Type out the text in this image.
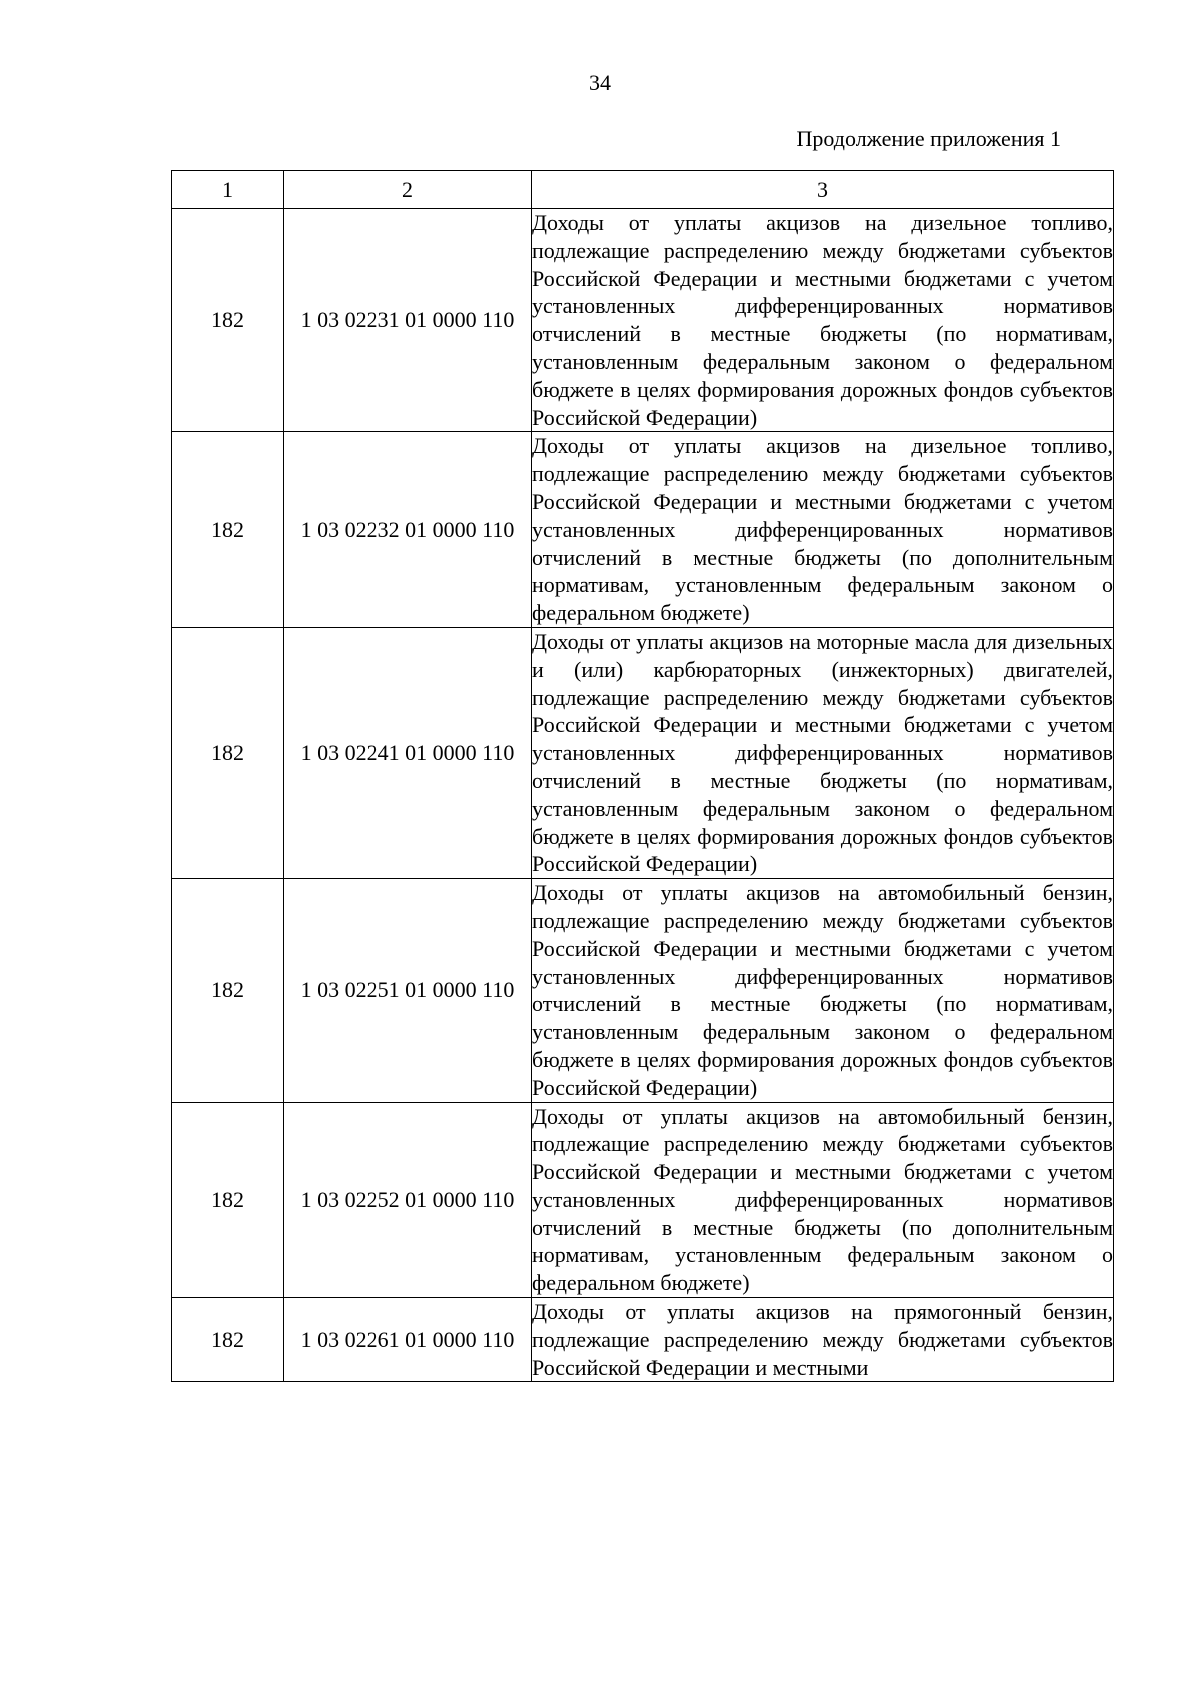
34
Продолжение приложения 1
1	2	3
182	1 03 02231 01 0000 110	Доходы от уплаты акцизов на дизельное топливо, подлежащие распределению между бюджетами субъектов Российской Федерации и местными бюджетами с учетом установленных дифференцированных нормативов отчислений в местные бюджеты (по нормативам, установленным федеральным законом о федеральном бюджете в целях формирования дорожных фондов субъектов Российской Федерации)
182	1 03 02232 01 0000 110	Доходы от уплаты акцизов на дизельное топливо, подлежащие распределению между бюджетами субъектов Российской Федерации и местными бюджетами с учетом установленных дифференцированных нормативов отчислений в местные бюджеты (по дополнительным нормативам, установленным федеральным законом о федеральном бюджете)
182	1 03 02241 01 0000 110	Доходы от уплаты акцизов на моторные масла для дизельных и (или) карбюраторных (инжекторных) двигателей, подлежащие распределению между бюджетами субъектов Российской Федерации и местными бюджетами с учетом установленных дифференцированных нормативов отчислений в местные бюджеты (по нормативам, установленным федеральным законом о федеральном бюджете в целях формирования дорожных фондов субъектов Российской Федерации)
182	1 03 02251 01 0000 110	Доходы от уплаты акцизов на автомобильный бензин, подлежащие распределению между бюджетами субъектов Российской Федерации и местными бюджетами с учетом установленных дифференцированных нормативов отчислений в местные бюджеты (по нормативам, установленным федеральным законом о федеральном бюджете в целях формирования дорожных фондов субъектов Российской Федерации)
182	1 03 02252 01 0000 110	Доходы от уплаты акцизов на автомобильный бензин, подлежащие распределению между бюджетами субъектов Российской Федерации и местными бюджетами с учетом установленных дифференцированных нормативов отчислений в местные бюджеты (по дополнительным нормативам, установленным федеральным законом о федеральном бюджете)
182	1 03 02261 01 0000 110	Доходы от уплаты акцизов на прямогонный бензин, подлежащие распределению между бюджетами субъектов Российской Федерации и местными
